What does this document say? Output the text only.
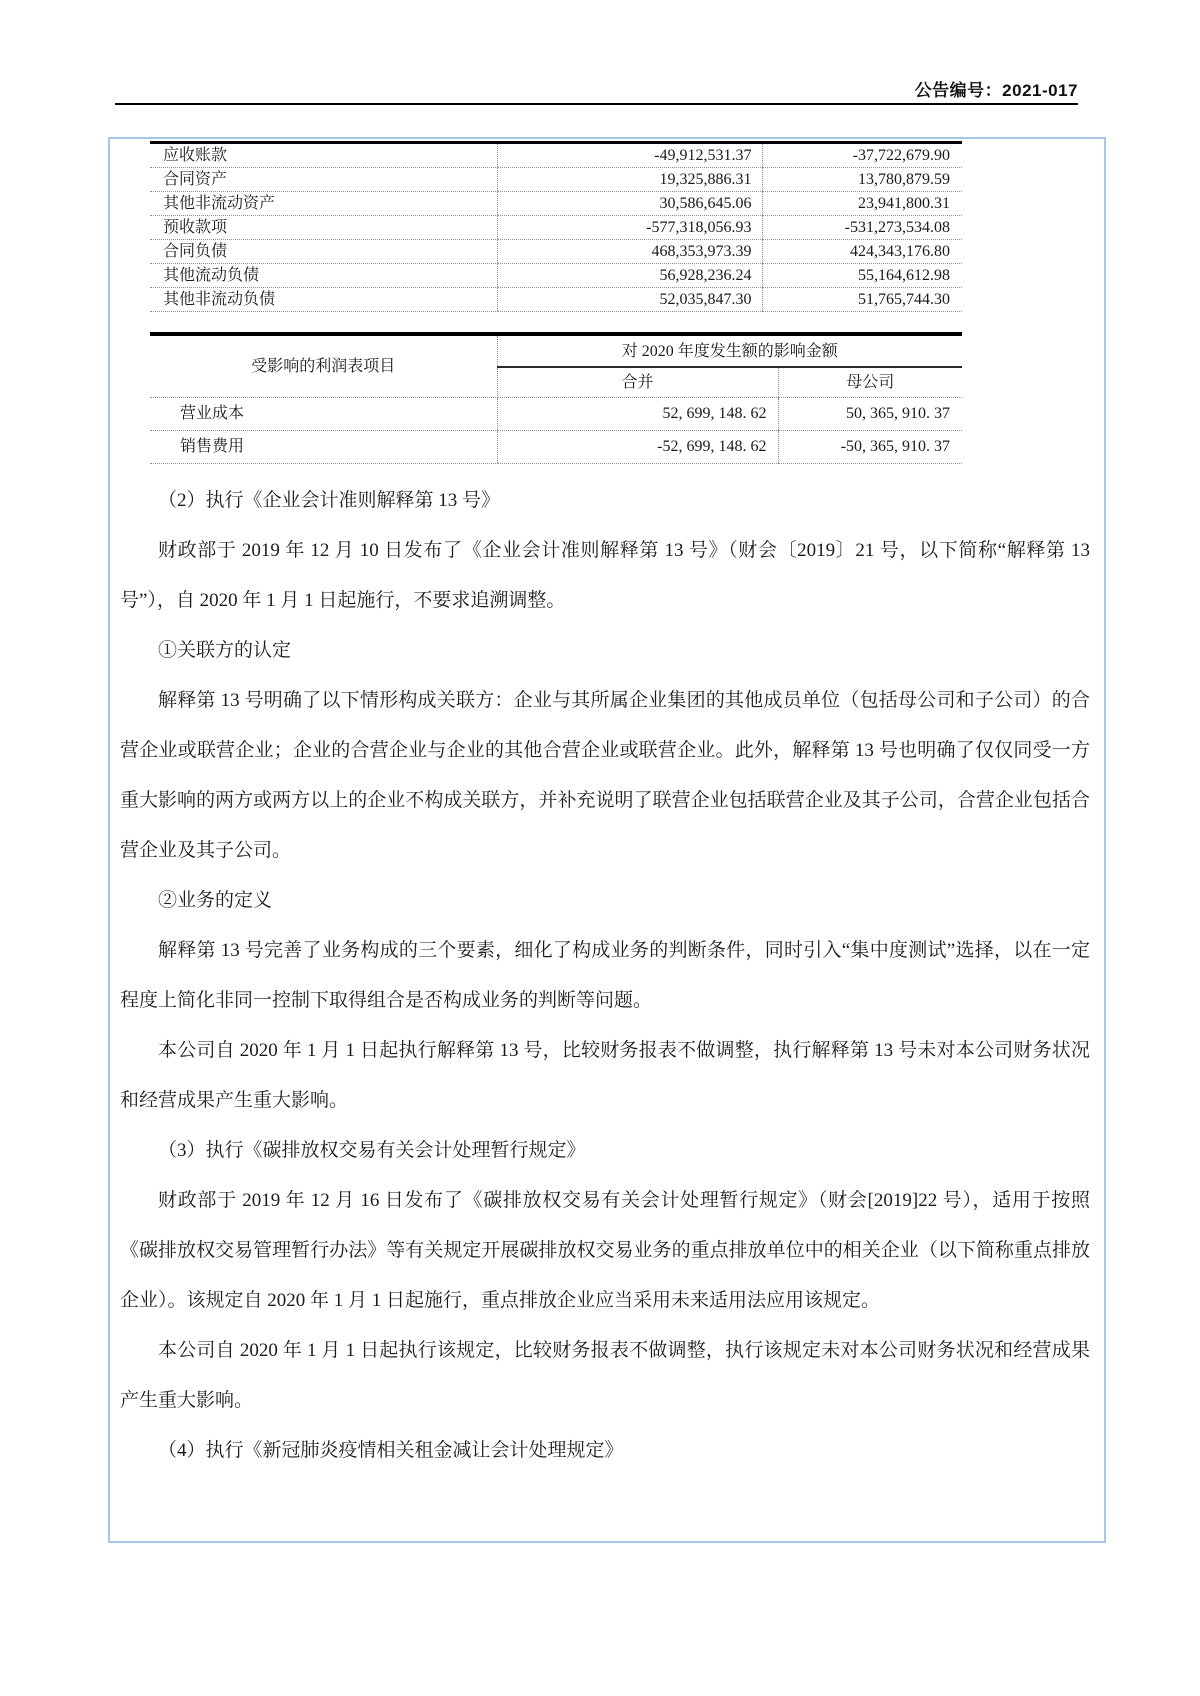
公告编号：2021-017
应收账款	-49,912,531.37	-37,722,679.90
合同资产	19,325,886.31	13,780,879.59
其他非流动资产	30,586,645.06	23,941,800.31
预收款项	-577,318,056.93	-531,273,534.08
合同负债	468,353,973.39	424,343,176.80
其他流动负债	56,928,236.24	55,164,612.98
其他非流动负债	52,035,847.30	51,765,744.30
受影响的利润表项目	对 2020 年度发生额的影响金额	
	合并	母公司
营业成本	52, 699, 148. 62	50, 365, 910. 37
销售费用	-52, 699, 148. 62	-50, 365, 910. 37

（2）执行《企业会计准则解释第 13 号》

财政部于 2019 年 12 月 10 日发布了《企业会计准则解释第 13 号》（财会〔2019〕21 号，以下简称“解释第 13 号”），自 2020 年 1 月 1 日起施行，不要求追溯调整。

①关联方的认定

解释第 13 号明确了以下情形构成关联方：企业与其所属企业集团的其他成员单位（包括母公司和子公司）的合营企业或联营企业；企业的合营企业与企业的其他合营企业或联营企业。此外，解释第 13 号也明确了仅仅同受一方重大影响的两方或两方以上的企业不构成关联方，并补充说明了联营企业包括联营企业及其子公司，合营企业包括合营企业及其子公司。

②业务的定义

解释第 13 号完善了业务构成的三个要素，细化了构成业务的判断条件，同时引入“集中度测试”选择，以在一定程度上简化非同一控制下取得组合是否构成业务的判断等问题。

本公司自 2020 年 1 月 1 日起执行解释第 13 号，比较财务报表不做调整，执行解释第 13 号未对本公司财务状况和经营成果产生重大影响。

（3）执行《碳排放权交易有关会计处理暂行规定》

财政部于 2019 年 12 月 16 日发布了《碳排放权交易有关会计处理暂行规定》（财会[2019]22 号），适用于按照《碳排放权交易管理暂行办法》等有关规定开展碳排放权交易业务的重点排放单位中的相关企业（以下简称重点排放企业）。该规定自 2020 年 1 月 1 日起施行，重点排放企业应当采用未来适用法应用该规定。

本公司自 2020 年 1 月 1 日起执行该规定，比较财务报表不做调整，执行该规定未对本公司财务状况和经营成果产生重大影响。

（4）执行《新冠肺炎疫情相关租金减让会计处理规定》
